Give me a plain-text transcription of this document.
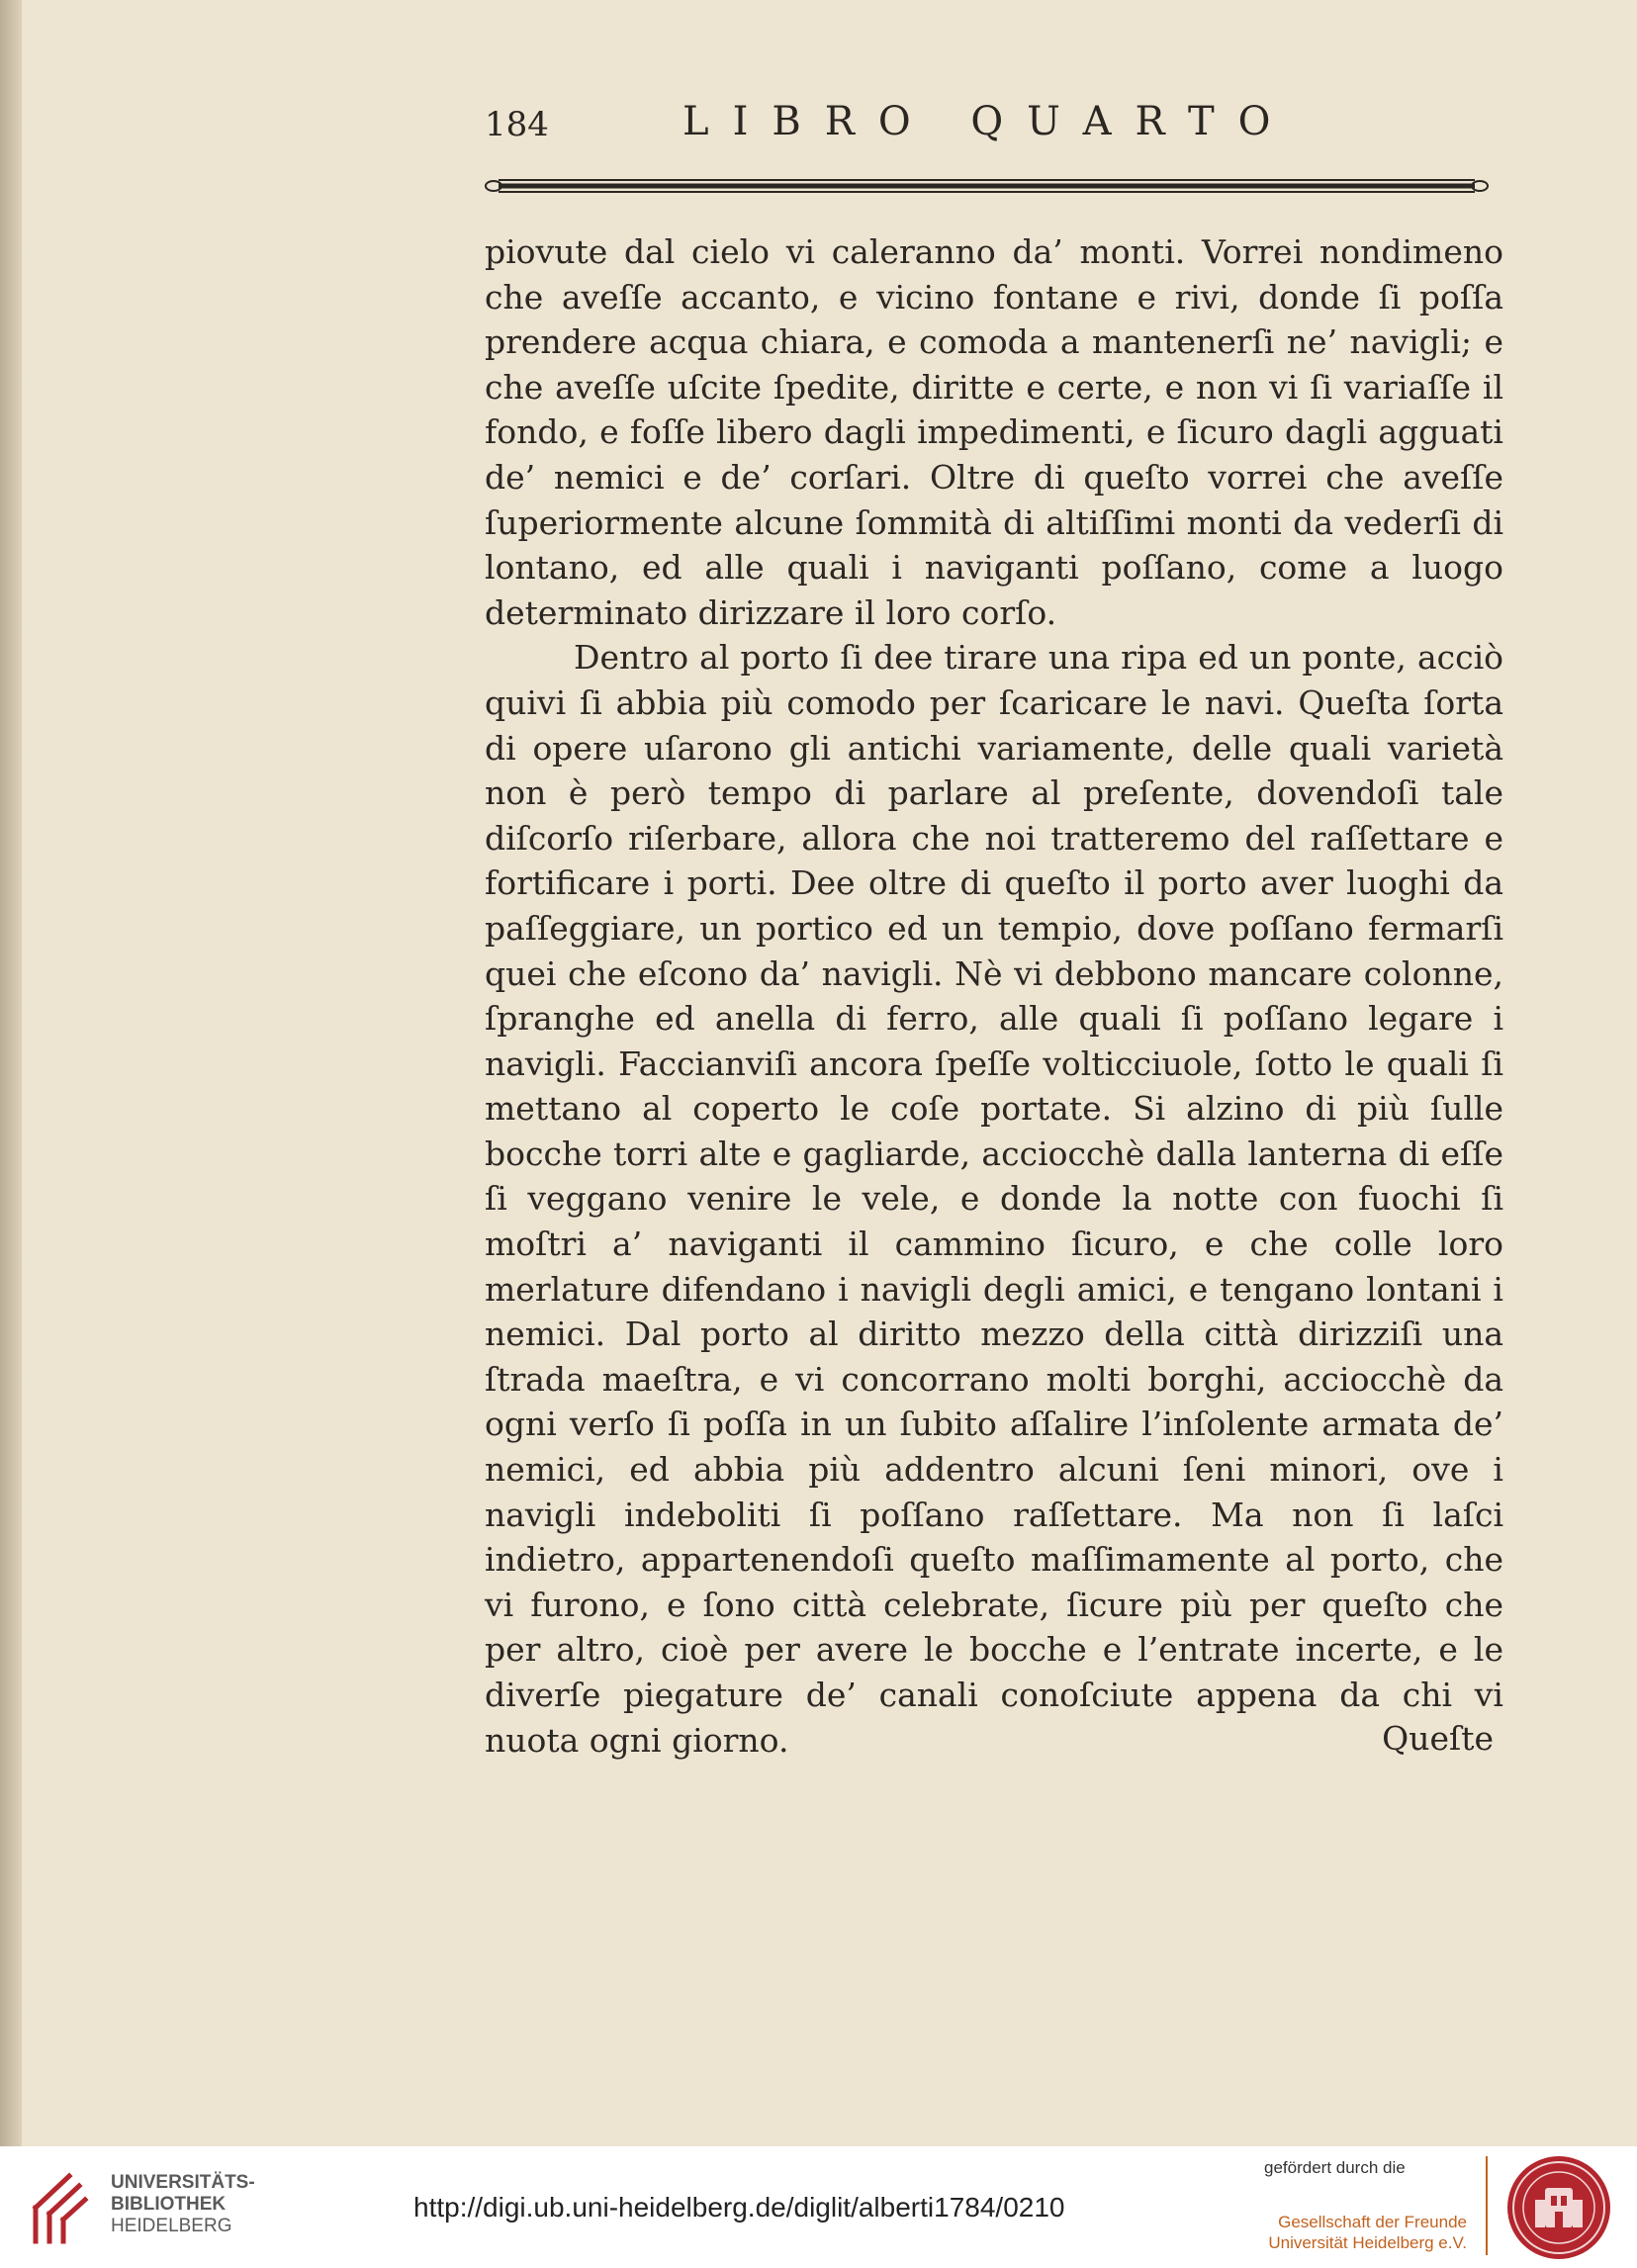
184	LIBRO QUARTO

piovute dal cielo vi caleranno da’ monti. Vorrei nondimeno che aveſſe accanto, e vicino fontane e rivi, donde ſi poſſa prendere acqua chiara, e comoda a mantenerſi ne’ navigli; e che aveſſe uſcite ſpedite, diritte e certe, e non vi ſi variaſſe il fondo, e foſſe libero dagli impedimenti, e ſicuro dagli agguati de’ nemici e de’ corſari. Oltre di queſto vorrei che aveſſe ſuperiormente alcune ſommità di altiſſimi monti da vederſi di lontano, ed alle quali i naviganti poſſano, come a luogo determinato dirizzare il loro corſo.

Dentro al porto ſi dee tirare una ripa ed un ponte, acciò quivi ſi abbia più comodo per ſcaricare le navi. Queſta ſorta di opere uſarono gli antichi variamente, delle quali varietà non è però tempo di parlare al preſente, dovendoſi tale diſcorſo riſerbare, allora che noi tratteremo del raſſettare e fortificare i porti. Dee oltre di queſto il porto aver luoghi da paſſeggiare, un portico ed un tempio, dove poſſano fermarſi quei che eſcono da’ navigli. Nè vi debbono mancare colonne, ſpranghe ed anella di ferro, alle quali ſi poſſano legare i navigli. Faccianviſi ancora ſpeſſe volticciuole, ſotto le quali ſi mettano al coperto le coſe portate. Si alzino di più ſulle bocche torri alte e gagliarde, acciocchè dalla lanterna di eſſe ſi veggano venire le vele, e donde la notte con fuochi ſi moſtri a’ naviganti il cammino ſicuro, e che colle loro merlature difendano i navigli degli amici, e tengano lontani i nemici. Dal porto al diritto mezzo della città dirizziſi una ſtrada maeſtra, e vi concorrano molti borghi, acciocchè da ogni verſo ſi poſſa in un ſubito aſſalire l’inſolente armata de’ nemici, ed abbia più addentro alcuni ſeni minori, ove i navigli indeboliti ſi poſſano raſſettare. Ma non ſi laſci indietro, appartenendoſi queſto maſſimamente al porto, che vi furono, e ſono città celebrate, ſicure più per queſto che per altro, cioè per avere le bocche e l’entrate incerte, e le diverſe piegature de’ canali conoſciute appena da chi vi nuota ogni giorno.	Queſte
UNIVERSITÄTS-
BIBLIOTHEK
HEIDELBERG
http://digi.ub.uni-heidelberg.de/diglit/alberti1784/0210
gefördert durch die
Gesellschaft der Freunde
Universität Heidelberg e.V.
